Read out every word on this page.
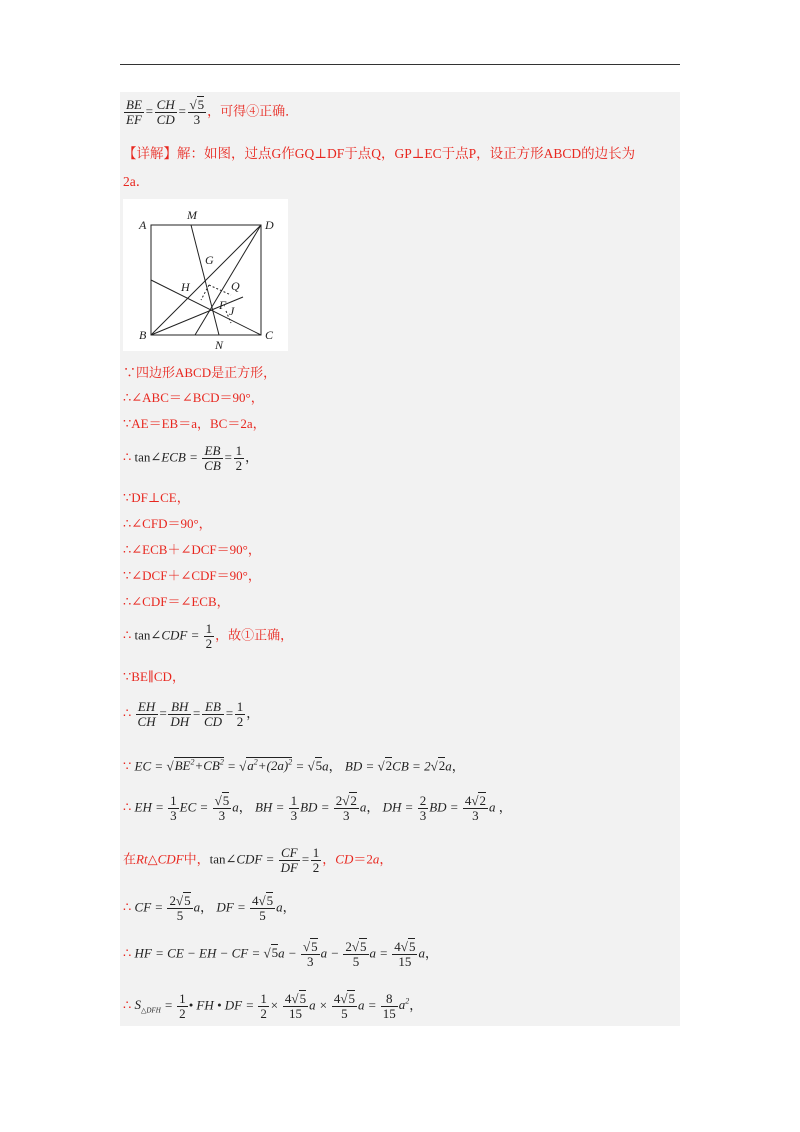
$\frac{BE}{EF} = \frac{CH}{CD} = \frac{√5}{3}$ ，可得④正确．
【详解】解：如图，过点G作GQ⊥DF于点Q，GP⊥EC于点P，设正方形ABCD的边长为
2a．
A
M
D
G
H	Q
F J
B
N
C
∵四边形ABCD是正方形，
∴∠ABC＝∠BCD＝90°，
∵AE＝EB＝a，BC＝2a，
∴ tan∠ECB = $\frac{EB}{CB} = \frac{1}{2}$ ，
∵DF⊥CE，
∴∠CFD＝90°，
∴∠ECB＋∠DCF＝90°，
∵∠DCF＋∠CDF＝90°，
∴∠CDF＝∠ECB，
∴ tan∠CDF = $\frac{1}{2}$ ，故①正确，
∵BE∥CD，
∴ $\frac{EH}{CH} = \frac{BH}{DH} = \frac{EB}{CD} = \frac{1}{2}$ ，
∵ EC = $√BE^2+CB^2 = √a^2+(2a)^2 = √5a$， BD = √2CB = 2√2a，
∴ EH = $\frac{1}{3}$ EC = $\frac{√5}{3}$ a， BH = $\frac{1}{3}$ BD = $\frac{2√2}{3}$ a， DH = $\frac{2}{3}$ BD = $\frac{4√2}{3}$ a ，
在Rt△CDF中，tan∠CDF = $\frac{CF}{DF} = \frac{1}{2}$ ，CD＝2a，
∴ CF = $\frac{2√5}{5}$ a， DF = $\frac{4√5}{5}$ a，
∴ HF = CE − EH − CF = $√5a - \frac{√5}{3}$ $a - \frac{2√5}{5}$ $a = \frac{4√5}{15}$ a，
∴ $S_{\triangle DFH} = \frac{1}{2}$ • FH • DF = $\frac{1}{2} \times \frac{4√5}{15}$ $a \times \frac{4√5}{5}$ $a = \frac{8}{15} a^2$，
